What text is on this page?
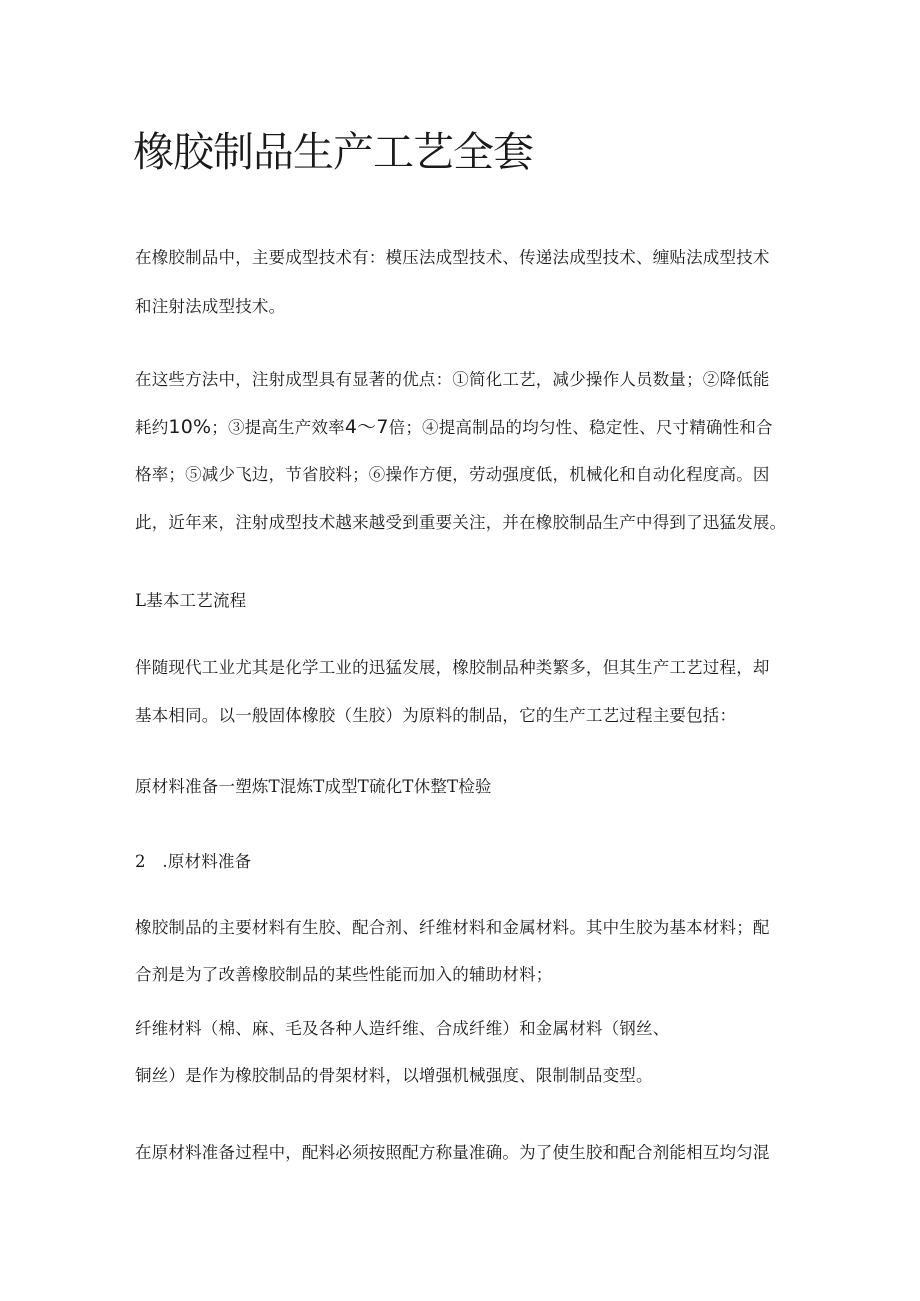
橡胶制品生产工艺全套

在橡胶制品中，主要成型技术有：模压法成型技术、传递法成型技术、缠贴法成型技术

和注射法成型技术。

在这些方法中，注射成型具有显著的优点：①简化工艺，减少操作人员数量；②降低能

耗约10%；③提高生产效率4〜7倍；④提高制品的均匀性、稳定性、尺寸精确性和合

格率；⑤减少飞边，节省胶料；⑥操作方便，劳动强度低，机械化和自动化程度高。因

此，近年来，注射成型技术越来越受到重要关注，并在橡胶制品生产中得到了迅猛发展。

L基本工艺流程

伴随现代工业尤其是化学工业的迅猛发展，橡胶制品种类繁多，但其生产工艺过程，却

基本相同。以一般固体橡胶（生胶）为原料的制品，它的生产工艺过程主要包括：

原材料准备一塑炼T混炼T成型T硫化T休整T检验

2　.原材料准备

橡胶制品的主要材料有生胶、配合剂、纤维材料和金属材料。其中生胶为基本材料；配

合剂是为了改善橡胶制品的某些性能而加入的辅助材料；

纤维材料（棉、麻、毛及各种人造纤维、合成纤维）和金属材料（钢丝、

铜丝）是作为橡胶制品的骨架材料，以增强机械强度、限制制品变型。

在原材料准备过程中，配料必须按照配方称量准确。为了使生胶和配合剂能相互均匀混
